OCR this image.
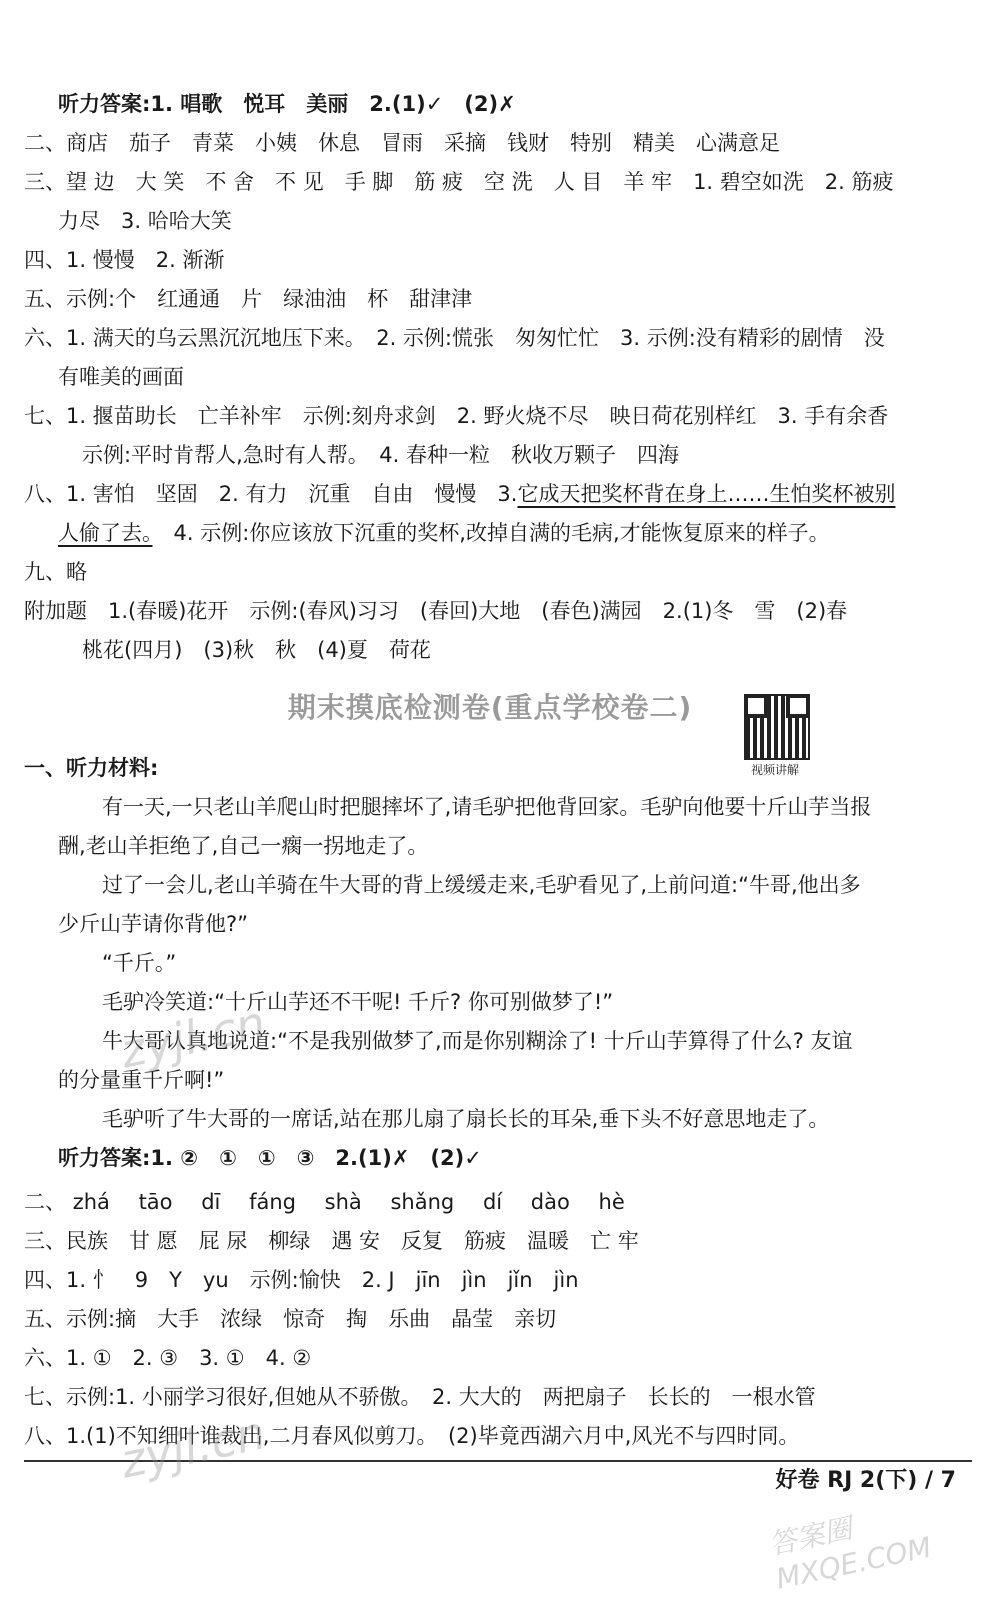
听力答案:1. 唱歌　悦耳　美丽　2.(1)✓　(2)✗
二、商店　茄子　青菜　小姨　休息　冒雨　采摘　钱财　特别　精美　心满意足
三、望 边　大 笑　不 舍　不 见　手 脚　筋 疲　空 洗　人 目　羊 牢　1. 碧空如洗　2. 筋疲
力尽　3. 哈哈大笑
四、1. 慢慢　2. 渐渐
五、示例:个　红通通　片　绿油油　杯　甜津津
六、1. 满天的乌云黑沉沉地压下来。　2. 示例:慌张　匆匆忙忙　3. 示例:没有精彩的剧情　没
有唯美的画面
七、1. 揠苗助长　亡羊补牢　示例:刻舟求剑　2. 野火烧不尽　映日荷花别样红　3. 手有余香
示例:平时肯帮人,急时有人帮。　4. 春种一粒　秋收万颗子　四海
八、1. 害怕　坚固　2. 有力　沉重　自由　慢慢　3.它成天把奖杯背在身上……生怕奖杯被别
人偷了去。　4. 示例:你应该放下沉重的奖杯,改掉自满的毛病,才能恢复原来的样子。
九、略
附加题　1.(春暖)花开　示例:(春风)习习　(春回)大地　(春色)满园　2.(1)冬　雪　(2)春
桃花(四月)　(3)秋　秋　(4)夏　荷花
期末摸底检测卷(重点学校卷二)
视频讲解
一、听力材料:
有一天,一只老山羊爬山时把腿摔坏了,请毛驴把他背回家。毛驴向他要十斤山芋当报
酬,老山羊拒绝了,自己一瘸一拐地走了。
过了一会儿,老山羊骑在牛大哥的背上缓缓走来,毛驴看见了,上前问道:“牛哥,他出多
少斤山芋请你背他?”
“千斤。”
毛驴冷笑道:“十斤山芋还不干呢! 千斤? 你可别做梦了!”
牛大哥认真地说道:“不是我别做梦了,而是你别糊涂了! 十斤山芋算得了什么? 友谊
的分量重千斤啊!”
毛驴听了牛大哥的一席话,站在那儿扇了扇长长的耳朵,垂下头不好意思地走了。
听力答案:1. ②　①　①　③　2.(1)✗　(2)✓
二、 zhá tāo dī fáng shà shǎng dí dào hè
三、民族　甘 愿　屁 尿　柳绿　遇 安　反复　筋疲　温暖　亡 牢
四、1. 忄　9　Y　yu　示例:愉快　2. J　jīn　jìn　jǐn　jìn
五、示例:摘　大手　浓绿　惊奇　掏　乐曲　晶莹　亲切
六、1. ①　2. ③　3. ①　4. ②
七、示例:1. 小丽学习很好,但她从不骄傲。　2. 大大的　两把扇子　长长的　一根水管
八、1.(1)不知细叶谁裁出,二月春风似剪刀。　(2)毕竟西湖六月中,风光不与四时同。
好卷 RJ 2(下) / 7
zyjl.cn
zyjl.cn
答案圈 MXQE.COM
